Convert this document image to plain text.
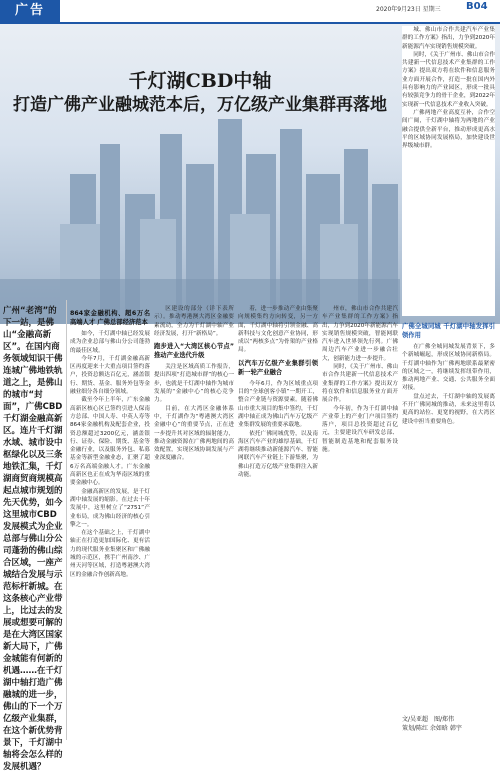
广告	2020年9月23日 星期三	B04
千灯湖CBD中轴
打造广佛产业融城范本后，万亿级产业集群再落地

城、佛山市合作共建汽车产业集群的工作方案》指出，力争到2020年新能源汽车实现销售规模突破。

同时，《关于广州市、佛山市合作共建新一代信息技术产业集群的工作方案》提出双方将在软件和信息服务业方面开展合作，打造一批在国内外具有影响力的产业园区，形成一批具有较强竞争力的骨干企业，到2022年实现新一代信息技术产业收入突破。

广佛两地产业高度互补，合作空间广阔，千灯湖中轴将为两地的产业融合提供全新平台，推动形成更高水平的区域协同发展格局，加快建设世界级城市群。

广州“老湾”的下一站，是佛山“金融高新区”。在国内商务领域知识干佛连城广佛地铁轨道之上，是佛山的城市“封面”，广佛CBD千灯湖金融高新区。连片千灯湖水域、城市设中枢绿化以及三条地铁汇集，千灯湖商贸商规模高起点城市规划的先天优势，如今这里城市CBD发展模式为企业总部与佛山分公司蓬勃的佛山综合区域，一座产城结合发展与示范标杆新城。在这条核心产业带上，比过去的发展或想要可解的是在大湾区国家新大局下，广佛金城能有何新的机遇……在千灯湖中轴打造广佛融城的进一步，佛山的下一个万亿级产业集群，在这个新优势背景下，千灯湖中轴将会怎么样的发展机遇？

864家金融机构、超6万名高端人才 广佛总部经济范本

如今，千灯湖中轴已经发展成为企业总部与佛山分公司蓬勃的最佳区域。

今年7月，千灯湖金融高新区再度迎来十大重点项目签约落户，投资总额达百亿元，涵盖银行、期货、基金、服务外包等金融业细分各自细分领域。

截至今年上半年，广东金融高新区核心区已签约引进人保南方总部、中国人寿、中英人寿等864家金融机构及配套企业，投资总额超过3200亿元，涵盖银行、证券、保险、期货、基金等金融行业，以及服务外包、私募基金等新型金融业态，汇聚了超6万名高端金融人才。广东金融高新区也正在成为华南区域的重要金融中心。

金融高新区的发展，是千灯湖中轴发展的缩影。在过去十年发展中，这里树立了“2751”产业布局，成为佛山经济的核心引擎之一。

在这个基础之上，千灯湖中轴正在打造更加国际化、更有活力的现代服务业集聚区和广佛融城的示范区，携手广州南沙、广州天河等区域，打造粤港澳大湾区的金融合作创新高地。

区建设的部分（详下表所示）。推动粤港澳大湾区金融要素流动，全力为千灯湖中轴产业经济发展，打开“新格局”。

跑步进入“大湾区核心节点” 推动产业迭代升级

关注是区域高质工作报告，提出四项“打造城市群”的核心一步，也就是千灯湖中轴作为城市发展的“金融中心”的核心竞争力。

目前，在大湾区金融体系中，千灯湖作为“粤港澳大湾区金融中心”的重要节点，正在进一步提升其对区域的辐射能力，推动金融资源在广佛两地间的高效配置，实现区域协调发展与产业深度融合。

着，进一步推动产业由集聚向规模集约方向转变，另一方面，千灯湖中轴将引领金融、高新科技与文化创意产业协同，形成以“两核多点”为骨架的产业格局。

以汽车万亿级产业集群引领新一轮产业融合

今年6月，作为区域重点项目的“全球创客小镇”一期开工，整合产业链与资源要素。随着佛山市重大项目的集中签约，千灯湖中轴正成为佛山汽车万亿级产业集群发展的重要承载地。

依托广佛同城优势，以及南海区汽车产业的雄厚基础，千灯湖将继续推动新能源汽车、智能网联汽车产业链上下游集聚，为佛山打造万亿级产业集群注入新动能。

州市，佛山市合作共建汽车产业集群的工作方案》指出，力争到2020年新能源汽车实现销售规模突破，智能网联汽车进入世界领先行列。广佛周边汽车产业进一步融合壮大，创新能力进一步提升。

同时，《关于广州市、佛山市合作共建新一代信息技术产业集群的工作方案》提出双方将在软件和信息服务业方面开展合作。

今年初，作为千灯湖中轴产业带上的产业门户项目签约落户，项目总投资超过百亿元，主要建设汽车研发总部、智能制造基地和配套服务设施。

广佛全城同城 千灯湖中轴发挥引领作用

在广佛全城同城发展背景下，多个新城崛起，形成区域协同新格局。千灯湖中轴作为广佛两地联系最紧密的区域之一，将继续发挥纽带作用，推动两地产业、交通、公共服务全面对接。

盘点过去，千灯湖中轴的发展离不开广佛同城的推动，未来这里将以更高的站位、更宽的视野，在大湾区建设中担当重要角色。

文/吴亚超　图/郑伟
策划/陈红 余如晗 韩宇
